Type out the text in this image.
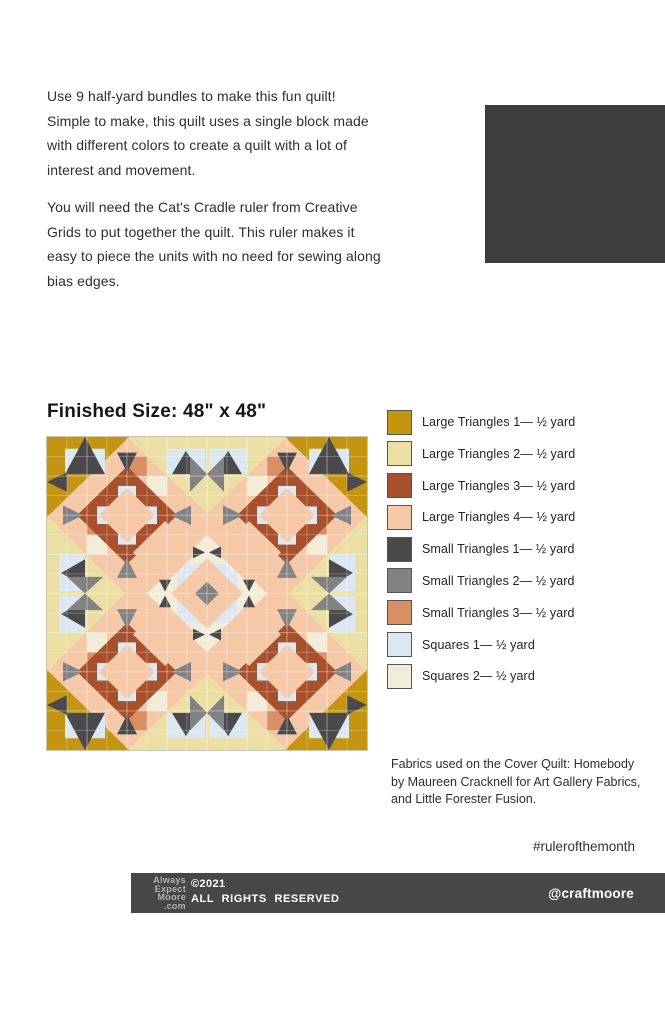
Use 9 half-yard bundles to make this fun quilt! Simple to make, this quilt uses a single block made with different colors to create a quilt with a lot of interest and movement.

You will need the Cat's Cradle ruler from Creative Grids to put together the quilt. This ruler makes it easy to piece the units with no need for sewing along bias edges.

Finished Size: 48" x 48"	Large Triangles 1— ½ yard
Large Triangles 2— ½ yard
Large Triangles 3— ½ yard
Large Triangles 4— ½ yard
Small Triangles 1— ½ yard
Small Triangles 2— ½ yard
Small Triangles 3— ½ yard
Squares 1— ½ yard
Squares 2— ½ yard
Fabrics used on the Cover Quilt: Homebody by Maureen Cracknell for Art Gallery Fabrics, and Little Forester Fusion.
#rulerofthemonth
Always
Expect
Moore
.com
©2021
ALL RIGHTS RESERVED	@craftmoore
